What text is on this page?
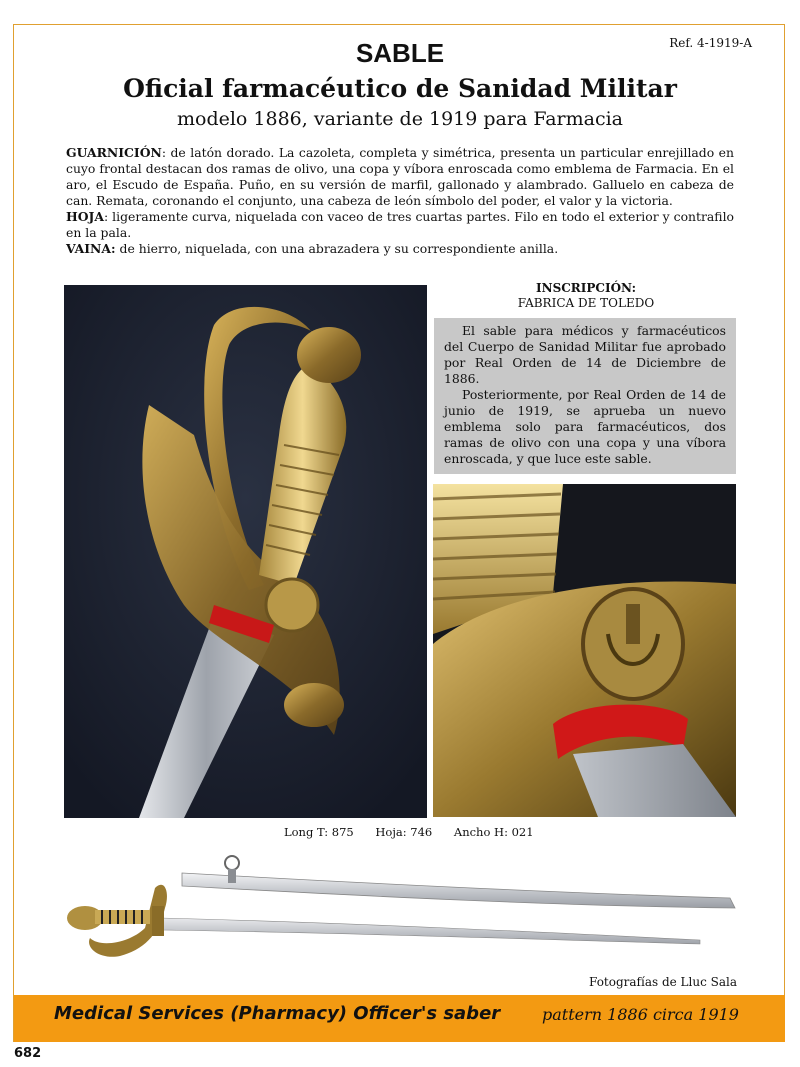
Ref. 4-1919-A
SABLE
Oficial farmacéutico de Sanidad Militar
modelo 1886, variante de 1919 para Farmacia

GUARNICIÓN: de latón dorado. La cazoleta, completa y simétrica, presenta un particular enrejillado en cuyo frontal destacan dos ramas de olivo, una copa y víbora enroscada como emblema de Farmacia. En el aro, el Escudo de España. Puño, en su versión de marfil, gallonado y alambrado. Galluelo en cabeza de can. Remata, coronando el conjunto, una cabeza de león símbolo del poder, el valor y la victoria.

HOJA: ligeramente curva, niquelada con vaceo de tres cuartas partes. Filo en todo el exterior y contrafilo en la pala.

VAINA: de hierro, niquelada, con una abrazadera y su correspondiente anilla.

INSCRIPCIÓN:
FABRICA DE TOLEDO

El sable para médicos y farmacéuticos del Cuerpo de Sanidad Militar fue aprobado por Real Orden de 14 de Diciembre de 1886.

Posteriormente, por Real Orden de 14 de junio de 1919, se aprueba un nuevo emblema solo para farmacéuticos, dos ramas de olivo con una copa y una víbora enroscada, y que luce este sable.

Long T: 875 Hoja: 746 Ancho H: 021
Fotografías de Lluc Sala
Medical Services (Pharmacy) Officer's saber	pattern 1886 circa 1919
682
